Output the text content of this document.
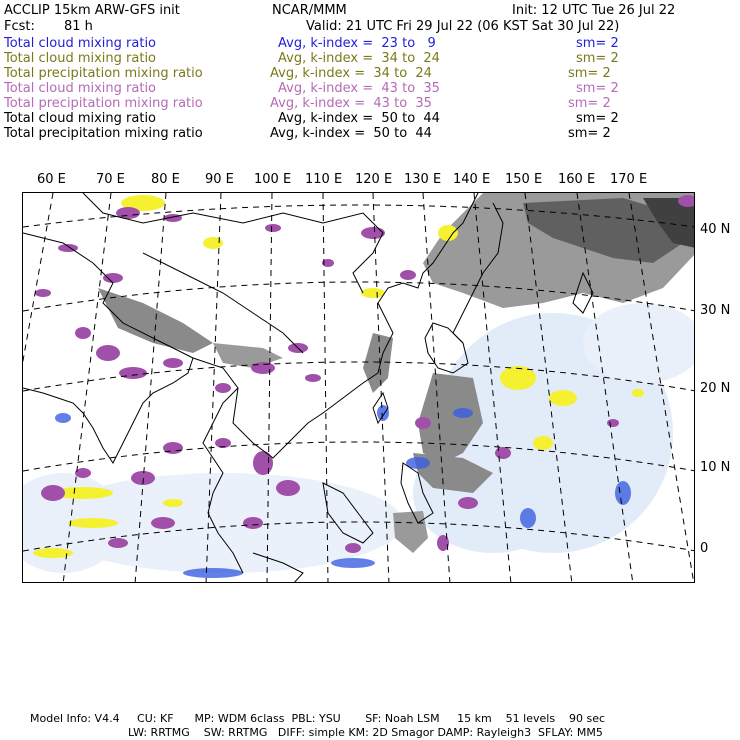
ACCLIP 15km ARW-GFS init	NCAR/MMM	Init: 12 UTC Tue 26 Jul 22
Fcst: 81 h	Valid: 21 UTC Fri 29 Jul 22 (06 KST Sat 30 Jul 22)
Total cloud mixing ratio	Avg, k-index =  23 to   9	sm= 2
Total cloud mixing ratio	Avg, k-index =  34 to  24	sm= 2
Total precipitation mixing ratio	Avg, k-index =  34 to  24	sm= 2
Total cloud mixing ratio	Avg, k-index =  43 to  35	sm= 2
Total precipitation mixing ratio	Avg, k-index =  43 to  35	sm= 2
Total cloud mixing ratio	Avg, k-index =  50 to  44	sm= 2
Total precipitation mixing ratio	Avg, k-index =  50 to  44	sm= 2
60 E 70 E 80 E 90 E 100 E 110 E 120 E 130 E 140 E 150 E 160 E 170 E
40 N
30 N
20 N
10 N
0
Model Info: V4.4     CU: KF      MP: WDM 6class  PBL: YSU       SF: Noah LSM     15 km    51 levels    90 sec
LW: RRTMG    SW: RRTMG   DIFF: simple KM: 2D Smagor DAMP: Rayleigh3  SFLAY: MM5
